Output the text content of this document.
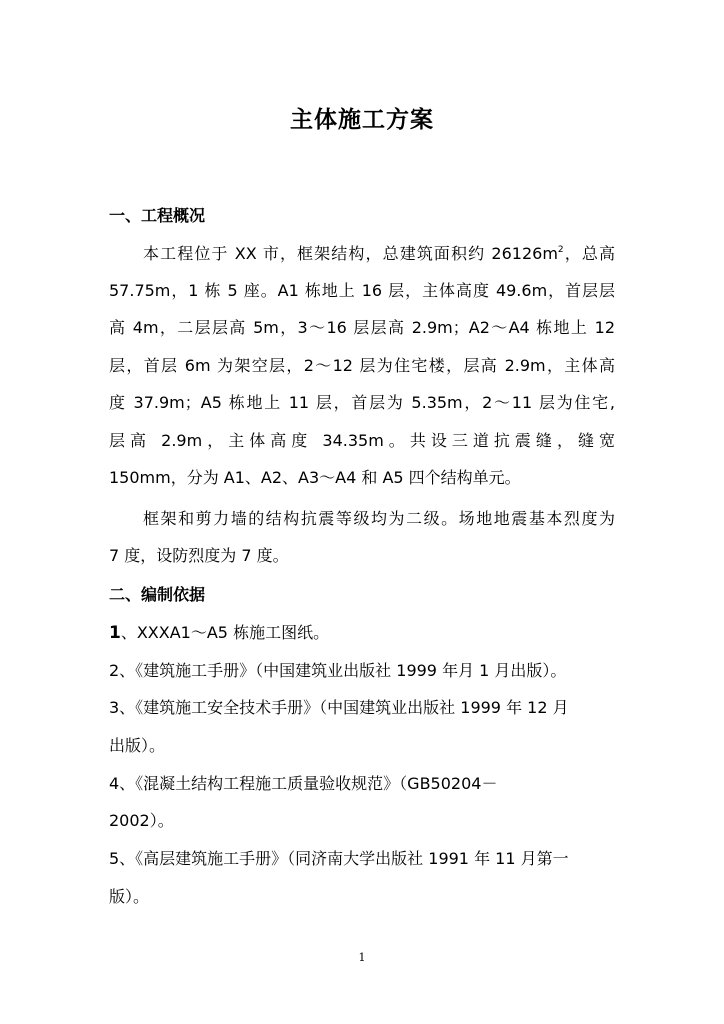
主体施工方案
一、工程概况
本工程位于 XX 市，框架结构，总建筑面积约 $26126m^2$，总高
57.75m，1 栋 5 座。A1 栋地上 16 层，主体高度 49.6m，首层层
高 4m，二层层高 5m，3～16 层层高 2.9m；A2～A4 栋地上 12
层，首层 6m 为架空层，2～12 层为住宅楼，层高 2.9m，主体高
度 37.9m；A5 栋地上 11 层，首层为 5.35m，2～11 层为住宅,
层高 2.9m，主体高度 34.35m。共设三道抗震缝，缝宽
150mm，分为 A1、A2、A3～A4 和 A5 四个结构单元。
框架和剪力墙的结构抗震等级均为二级。场地地震基本烈度为
7 度，设防烈度为 7 度。
二、编制依据
1、XXXA1～A5 栋施工图纸。
2、《建筑施工手册》（中国建筑业出版社 1999 年月 1 月出版）。
3、《建筑施工安全技术手册》（中国建筑业出版社 1999 年 12 月
出版）。
4、《混凝土结构工程施工质量验收规范》（GB50204－
2002）。
5、《高层建筑施工手册》（同济南大学出版社 1991 年 11 月第一
版）。
1
